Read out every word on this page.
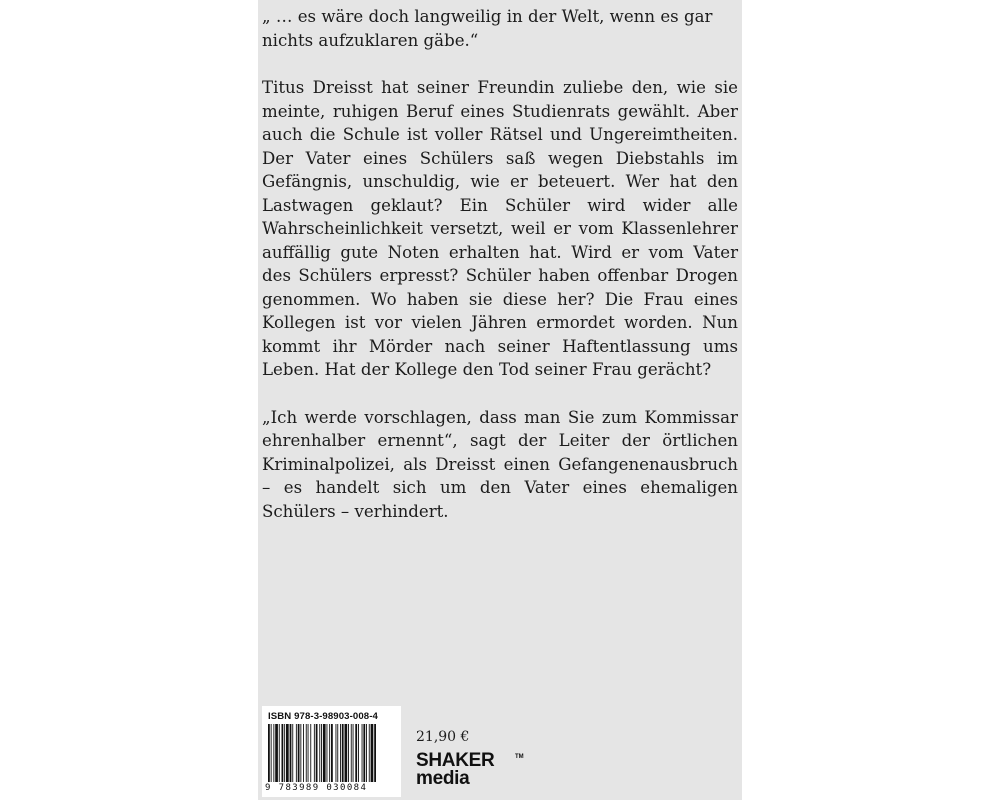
„ … es wäre doch langweilig in der Welt, wenn es gar nichts aufzuklaren gäbe.“

Titus Dreisst hat seiner Freundin zuliebe den, wie sie meinte, ruhigen Beruf eines Studienrats gewählt. Aber auch die Schule ist voller Rätsel und Ungereimtheiten. Der Vater eines Schülers saß wegen Diebstahls im Gefängnis, unschuldig, wie er beteuert. Wer hat den Lastwagen geklaut? Ein Schüler wird wider alle Wahrscheinlichkeit versetzt, weil er vom Klassenlehrer auffällig gute Noten erhalten hat. Wird er vom Vater des Schülers erpresst? Schüler haben offenbar Drogen genommen. Wo haben sie diese her? Die Frau eines Kollegen ist vor vielen Jähren ermordet worden. Nun kommt ihr Mörder nach seiner Haftentlassung ums Leben. Hat der Kollege den Tod seiner Frau gerächt?

„Ich werde vorschlagen, dass man Sie zum Kommissar ehrenhalber ernennt“, sagt der Leiter der örtlichen Kriminalpolizei, als Dreisst einen Gefangenenausbruch – es handelt sich um den Vater eines ehemaligen Schülers – verhindert.

ISBN 978-3-98903-008-4
9 783989 030084
21,90 €
SHAKER
media
TM
